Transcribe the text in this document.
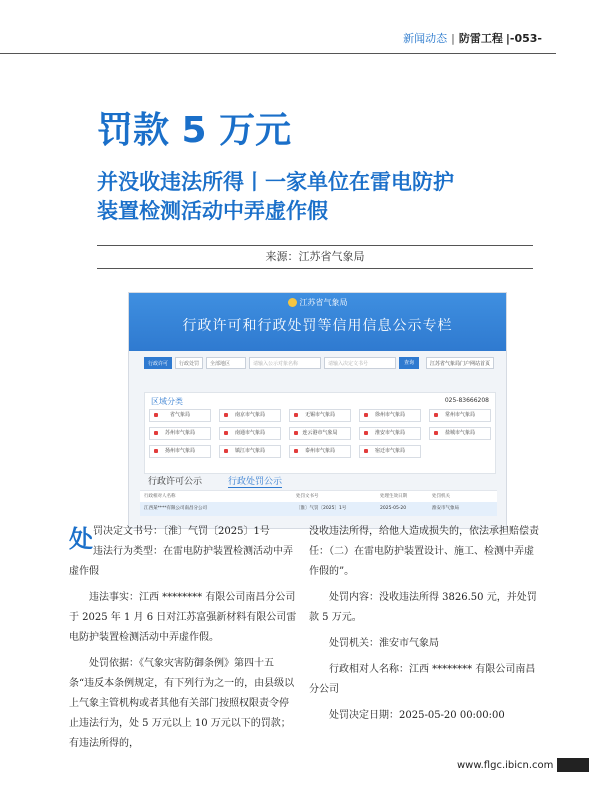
新闻动态 | 防雷工程 |-053-
罚款 5 万元
并没收违法所得丨一家单位在雷电防护
装置检测活动中弄虚作假
来源：江苏省气象局
江苏省气象局
行政许可和行政处罚等信用信息公示专栏
行政许可	行政处罚	全部地区	请输入公示对象名称	请输入决定文书号	查询	江苏省气象局门户网站首页
区域分类	025-83666208
省气象局	南京市气象局	无锡市气象局	徐州市气象局	常州市气象局
苏州市气象局	南通市气象局	连云港市气象局	淮安市气象局	盐城市气象局
扬州市气象局	镇江市气象局	泰州市气象局	宿迁市气象局
行政许可公示	行政处罚公示
行政相对人名称	处罚文书号	处理生效日期	处罚机关
江西某****有限公司南昌分公司	〔淮〕气罚〔2025〕1号	2025-05-20	淮安市气象局
处 罚决定文书号：〔淮〕气罚〔2025〕1号

违法行为类型：在雷电防护装置检测活动中弄

虚作假

违法事实：江西 ******** 有限公司南昌分公司于 2025 年 1 月 6 日对江苏富强新材料有限公司雷电防护装置检测活动中弄虚作假。

处罚依据：《气象灾害防御条例》第四十五条“违反本条例规定，有下列行为之一的，由县级以上气象主管机构或者其他有关部门按照权限责令停止违法行为，处 5 万元以上 10 万元以下的罚款；有违法所得的，

没收违法所得，给他人造成损失的，依法承担赔偿责任：（二）在雷电防护装置设计、施工、检测中弄虚作假的”。

处罚内容：没收违法所得 3826.50 元，并处罚款 5 万元。

处罚机关：淮安市气象局

行政相对人名称：江西 ******** 有限公司南昌分公司

处罚决定日期：2025-05-20 00:00:00

www.flgc.ibicn.com
